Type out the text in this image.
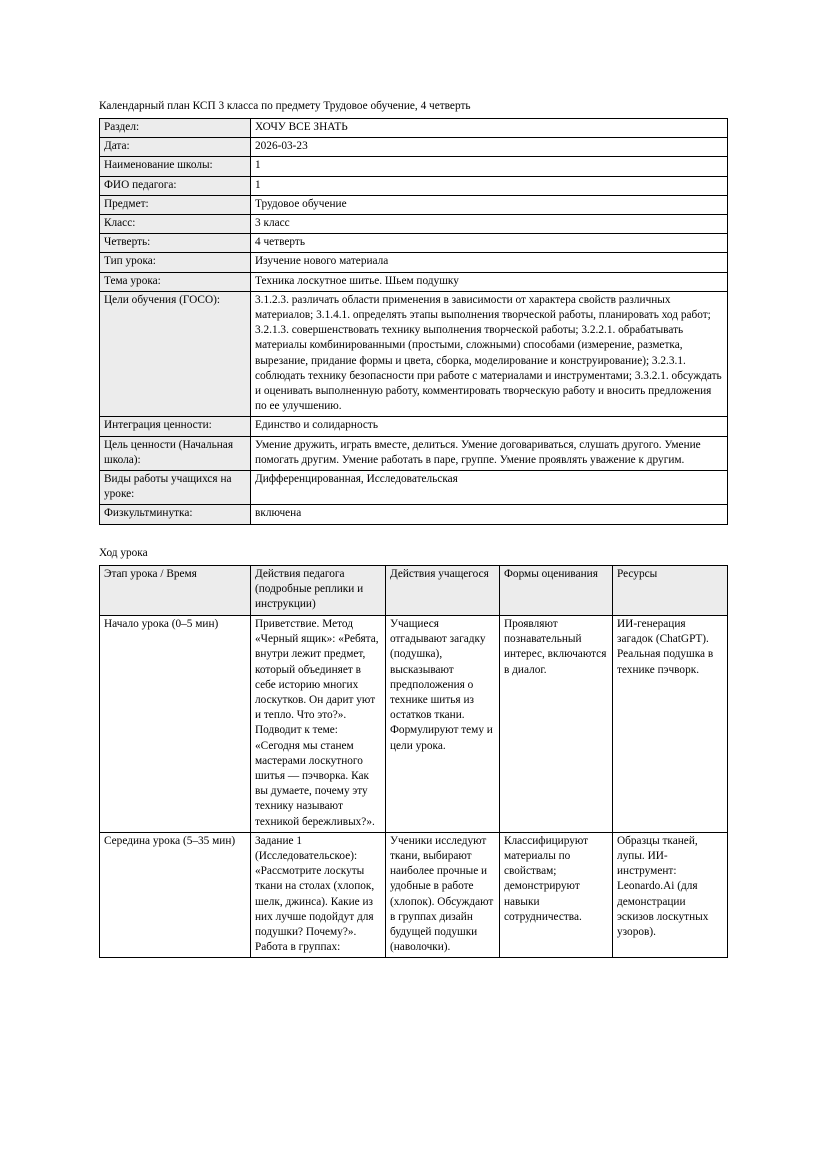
Календарный план КСП 3 класса по предмету Трудовое обучение, 4 четверть
Раздел:	ХОЧУ ВСЕ ЗНАТЬ
Дата:	2026-03-23
Наименование школы:	1
ФИО педагога:	1
Предмет:	Трудовое обучение
Класс:	3 класс
Четверть:	4 четверть
Тип урока:	Изучение нового материала
Тема урока:	Техника лоскутное шитье. Шьем подушку
Цели обучения (ГОСО):	3.1.2.3. различать области применения в зависимости от характера свойств различных материалов; 3.1.4.1. определять этапы выполнения творческой работы, планировать ход работ; 3.2.1.3. совершенствовать технику выполнения творческой работы; 3.2.2.1. обрабатывать материалы комбинированными (простыми, сложными) способами (измерение, разметка, вырезание, придание формы и цвета, сборка, моделирование и конструирование); 3.2.3.1. соблюдать технику безопасности при работе с материалами и инструментами; 3.3.2.1. обсуждать и оценивать выполненную работу, комментировать творческую работу и вносить предложения по ее улучшению.
Интеграция ценности:	Единство и солидарность
Цель ценности (Начальная школа):	Умение дружить, играть вместе, делиться. Умение договариваться, слушать другого. Умение помогать другим. Умение работать в паре, группе. Умение проявлять уважение к другим.
Виды работы учащихся на уроке:	Дифференцированная, Исследовательская
Физкультминутка:	включена
Ход урока
Этап урока / Время	Действия педагога (подробные реплики и инструкции)	Действия учащегося	Формы оценивания	Ресурсы
Начало урока (0–5 мин)	Приветствие. Метод «Черный ящик»: «Ребята, внутри лежит предмет, который объединяет в себе историю многих лоскутков. Он дарит уют и тепло. Что это?». Подводит к теме: «Сегодня мы станем мастерами лоскутного шитья — пэчворка. Как вы думаете, почему эту технику называют техникой бережливых?».	Учащиеся отгадывают загадку (подушка), высказывают предположения о технике шитья из остатков ткани. Формулируют тему и цели урока.	Проявляют познавательный интерес, включаются в диалог.	ИИ-генерация загадок (ChatGPT). Реальная подушка в технике пэчворк.
Середина урока (5–35 мин)	Задание 1 (Исследовательское): «Рассмотрите лоскуты ткани на столах (хлопок, шелк, джинса). Какие из них лучше подойдут для подушки? Почему?». Работа в группах:	Ученики исследуют ткани, выбирают наиболее прочные и удобные в работе (хлопок). Обсуждают в группах дизайн будущей подушки (наволочки).	Классифицируют материалы по свойствам; демонстрируют навыки сотрудничества.	Образцы тканей, лупы. ИИ-инструмент: Leonardo.Ai (для демонстрации эскизов лоскутных узоров).
